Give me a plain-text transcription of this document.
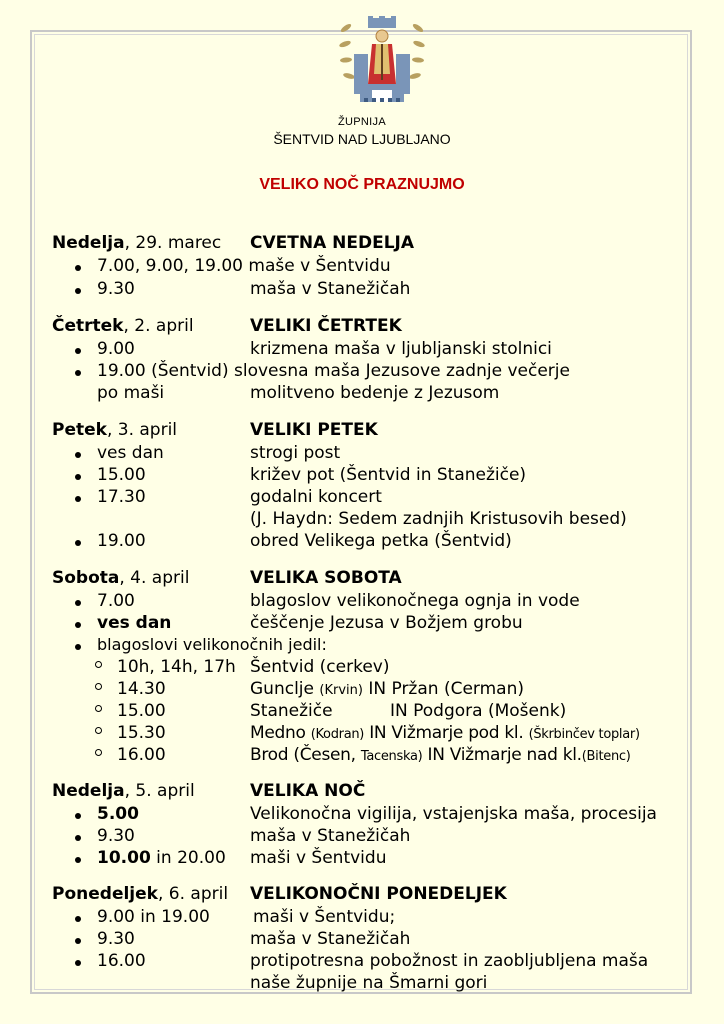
ŽUPNIJA
ŠENTVID NAD LJUBLJANO
VELIKO NOČ PRAZNUJMO
Nedelja, 29. marec CVETNA NEDELJA
7.00, 9.00, 19.00 maše v Šentvidu
9.30	maša v Stanežičah
Četrtek, 2. april	VELIKI ČETRTEK
9.00	krizmena maša v ljubljanski stolnici
19.00 (Šentvid) slovesna maša Jezusove zadnje večerje
po maši	molitveno bedenje z Jezusom
Petek, 3. april	VELIKI PETEK
ves dan	strogi post
15.00	križev pot (Šentvid in Stanežiče)
17.30	godalni koncert
(J. Haydn: Sedem zadnjih Kristusovih besed)
19.00	obred Velikega petka (Šentvid)
Sobota, 4. april	VELIKA SOBOTA
7.00	blagoslov velikonočnega ognja in vode
ves dan	češčenje Jezusa v Božjem grobu
blagoslovi velikonočnih jedil:
10h, 14h, 17h Šentvid (cerkev)
14.30	Gunclje (Krvin) IN Pržan (Cerman)
15.00	Stanežiče	IN Podgora (Mošenk)
15.30	Medno (Kodran) IN Vižmarje pod kl. (Škrbinčev toplar)
16.00	Brod (Česen, Tacenska) IN Vižmarje nad kl.(Bitenc)
Nedelja, 5. april	VELIKA NOČ
5.00	Velikonočna vigilija, vstajenjska maša, procesija
9.30	maša v Stanežičah
10.00 in 20.00 maši v Šentvidu
Ponedeljek, 6. april VELIKONOČNI PONEDELJEK
9.00 in 19.00	maši v Šentvidu;
9.30	maša v Stanežičah
16.00	protipotresna pobožnost in zaobljubljena maša
naše župnije na Šmarni gori
